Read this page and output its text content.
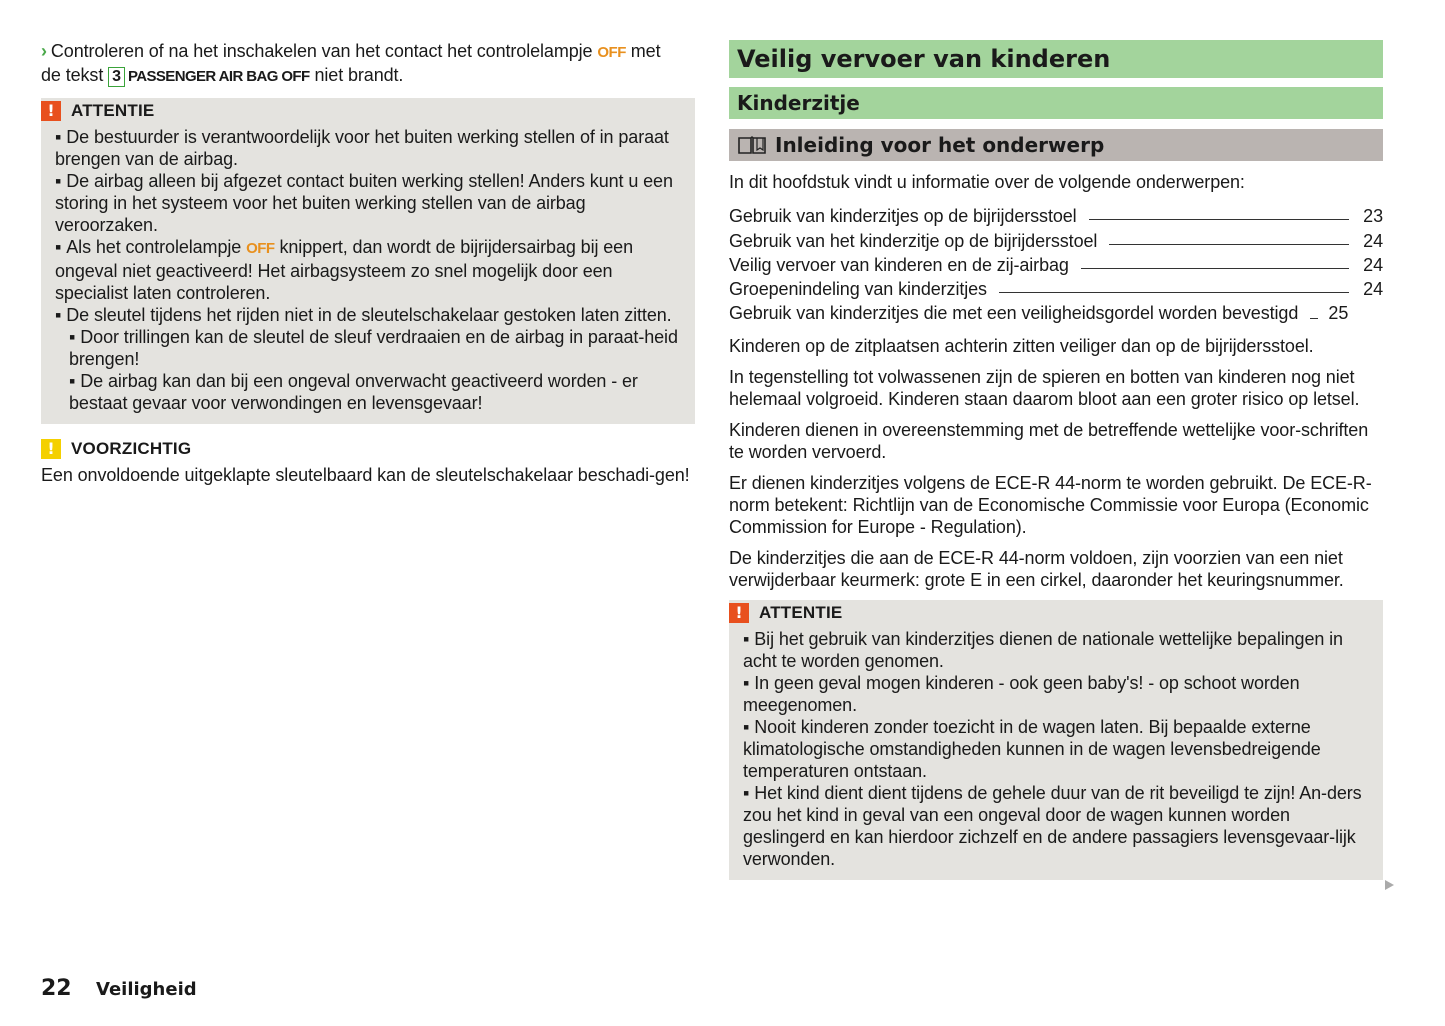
› Controleren of na het inschakelen van het contact het controlelampje OFF met
de tekst 3 PASSENGER AIR BAG OFF niet brandt.
! ATTENTIE
▪ De bestuurder is verantwoordelijk voor het buiten werking stellen of in paraat brengen van de airbag.
▪ De airbag alleen bij afgezet contact buiten werking stellen! Anders kunt u een storing in het systeem voor het buiten werking stellen van de airbag veroorzaken.
▪ Als het controlelampje OFF knippert, dan wordt de bijrijdersairbag bij een ongeval niet geactiveerd! Het airbagsysteem zo snel mogelijk door een specialist laten controleren.
▪ De sleutel tijdens het rijden niet in de sleutelschakelaar gestoken laten zitten.
▪ Door trillingen kan de sleutel de sleuf verdraaien en de airbag in paraat-heid brengen!
▪ De airbag kan dan bij een ongeval onverwacht geactiveerd worden - er bestaat gevaar voor verwondingen en levensgevaar!
! VOORZICHTIG
Een onvoldoende uitgeklapte sleutelbaard kan de sleutelschakelaar beschadi-gen!
Veilig vervoer van kinderen
Kinderzitje
Inleiding voor het onderwerp
In dit hoofdstuk vindt u informatie over de volgende onderwerpen:
Gebruik van kinderzitjes op de bijrijdersstoel	23
Gebruik van het kinderzitje op de bijrijdersstoel	24
Veilig vervoer van kinderen en de zij-airbag	24
Groepenindeling van kinderzitjes	24
Gebruik van kinderzitjes die met een veiligheidsgordel worden bevestigd 25
Kinderen op de zitplaatsen achterin zitten veiliger dan op de bijrijdersstoel.
In tegenstelling tot volwassenen zijn de spieren en botten van kinderen nog niet helemaal volgroeid. Kinderen staan daarom bloot aan een groter risico op letsel.
Kinderen dienen in overeenstemming met de betreffende wettelijke voor-schriften te worden vervoerd.
Er dienen kinderzitjes volgens de ECE-R 44-norm te worden gebruikt. De ECE-R-norm betekent: Richtlijn van de Economische Commissie voor Europa (Economic Commission for Europe - Regulation).
De kinderzitjes die aan de ECE-R 44-norm voldoen, zijn voorzien van een niet verwijderbaar keurmerk: grote E in een cirkel, daaronder het keuringsnummer.
! ATTENTIE
▪ Bij het gebruik van kinderzitjes dienen de nationale wettelijke bepalingen in acht te worden genomen.
▪ In geen geval mogen kinderen - ook geen baby's! - op schoot worden meegenomen.
▪ Nooit kinderen zonder toezicht in de wagen laten. Bij bepaalde externe klimatologische omstandigheden kunnen in de wagen levensbedreigende temperaturen ontstaan.
▪ Het kind dient dient tijdens de gehele duur van de rit beveiligd te zijn! An-ders zou het kind in geval van een ongeval door de wagen kunnen worden geslingerd en kan hierdoor zichzelf en de andere passagiers levensgevaar-lijk verwonden.
22	Veiligheid
